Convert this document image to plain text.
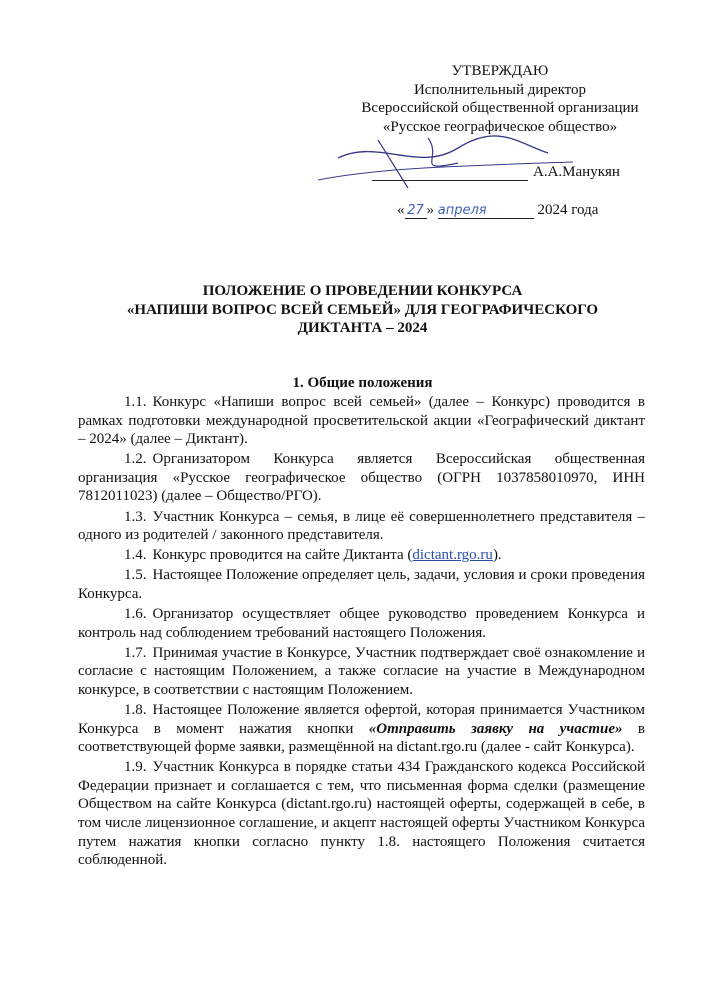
УТВЕРЖДАЮ
Исполнительный директор
Всероссийской общественной организации
«Русское географическое общество»
А.А.Манукян
« 27 » апреля	2024 года
ПОЛОЖЕНИЕ О ПРОВЕДЕНИИ КОНКУРСА
«НАПИШИ ВОПРОС ВСЕЙ СЕМЬЕЙ» ДЛЯ ГЕОГРАФИЧЕСКОГО
ДИКТАНТА – 2024
1. Общие положения

1.1. Конкурс «Напиши вопрос всей семьей» (далее – Конкурс) проводится в рамках подготовки международной просветительской акции «Географический диктант – 2024» (далее – Диктант).

1.2. Организатором Конкурса является Всероссийская общественная организация «Русское географическое общество (ОГРН 1037858010970, ИНН 7812011023) (далее – Общество/РГО).

1.3. Участник Конкурса – семья, в лице её совершеннолетнего представителя – одного из родителей / законного представителя.

1.4. Конкурс проводится на сайте Диктанта (dictant.rgo.ru).

1.5. Настоящее Положение определяет цель, задачи, условия и сроки проведения Конкурса.

1.6. Организатор осуществляет общее руководство проведением Конкурса и контроль над соблюдением требований настоящего Положения.

1.7. Принимая участие в Конкурсе, Участник подтверждает своё ознакомление и согласие с настоящим Положением, а также согласие на участие в Международном конкурсе, в соответствии с настоящим Положением.

1.8. Настоящее Положение является офертой, которая принимается Участником Конкурса в момент нажатия кнопки «Отправить заявку на участие» в соответствующей форме заявки, размещённой на dictant.rgo.ru (далее - сайт Конкурса).

1.9. Участник Конкурса в порядке статьи 434 Гражданского кодекса Российской Федерации признает и соглашается с тем, что письменная форма сделки (размещение Обществом на сайте Конкурса (dictant.rgo.ru) настоящей оферты, содержащей в себе, в том числе лицензионное соглашение, и акцепт настоящей оферты Участником Конкурса путем нажатия кнопки согласно пункту 1.8. настоящего Положения считается соблюденной.
